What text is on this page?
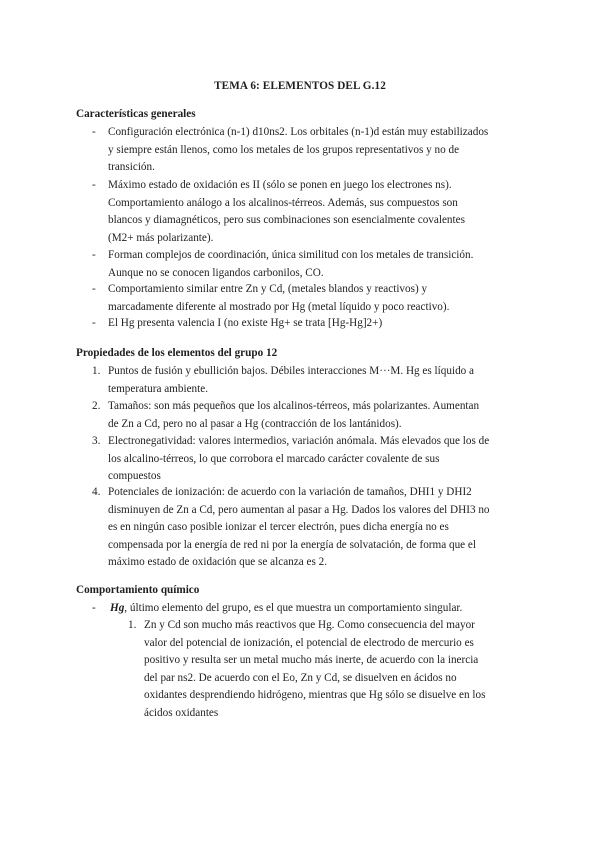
TEMA 6: ELEMENTOS DEL G.12
Características generales
- Configuración electrónica (n-1) d10ns2. Los orbitales (n-1)d están muy estabilizados
y siempre están llenos, como los metales de los grupos representativos y no de
transición.
- Máximo estado de oxidación es II (sólo se ponen en juego los electrones ns).
Comportamiento análogo a los alcalinos-térreos. Además, sus compuestos son
blancos y diamagnéticos, pero sus combinaciones son esencialmente covalentes
(M2+ más polarizante).
- Forman complejos de coordinación, única similitud con los metales de transición.
Aunque no se conocen ligandos carbonilos, CO.
- Comportamiento similar entre Zn y Cd, (metales blandos y reactivos) y
marcadamente diferente al mostrado por Hg (metal líquido y poco reactivo).
- El Hg presenta valencia I (no existe Hg+ se trata [Hg-Hg]2+)
Propiedades de los elementos del grupo 12
1. Puntos de fusión y ebullición bajos. Débiles interacciones M···M. Hg es líquido a
temperatura ambiente.
2. Tamaños: son más pequeños que los alcalinos-térreos, más polarizantes. Aumentan
de Zn a Cd, pero no al pasar a Hg (contracción de los lantánidos).
3. Electronegatividad: valores intermedios, variación anómala. Más elevados que los de
los alcalino-térreos, lo que corrobora el marcado carácter covalente de sus
compuestos
4. Potenciales de ionización: de acuerdo con la variación de tamaños, DHI1 y DHI2
disminuyen de Zn a Cd, pero aumentan al pasar a Hg. Dados los valores del DHI3 no
es en ningún caso posible ionizar el tercer electrón, pues dicha energía no es
compensada por la energía de red ni por la energía de solvatación, de forma que el
máximo estado de oxidación que se alcanza es 2.
Comportamiento químico
- Hg, último elemento del grupo, es el que muestra un comportamiento singular.
1. Zn y Cd son mucho más reactivos que Hg. Como consecuencia del mayor
valor del potencial de ionización, el potencial de electrodo de mercurio es
positivo y resulta ser un metal mucho más inerte, de acuerdo con la inercia
del par ns2. De acuerdo con el Eo, Zn y Cd, se disuelven en ácidos no
oxidantes desprendiendo hidrógeno, mientras que Hg sólo se disuelve en los
ácidos oxidantes
